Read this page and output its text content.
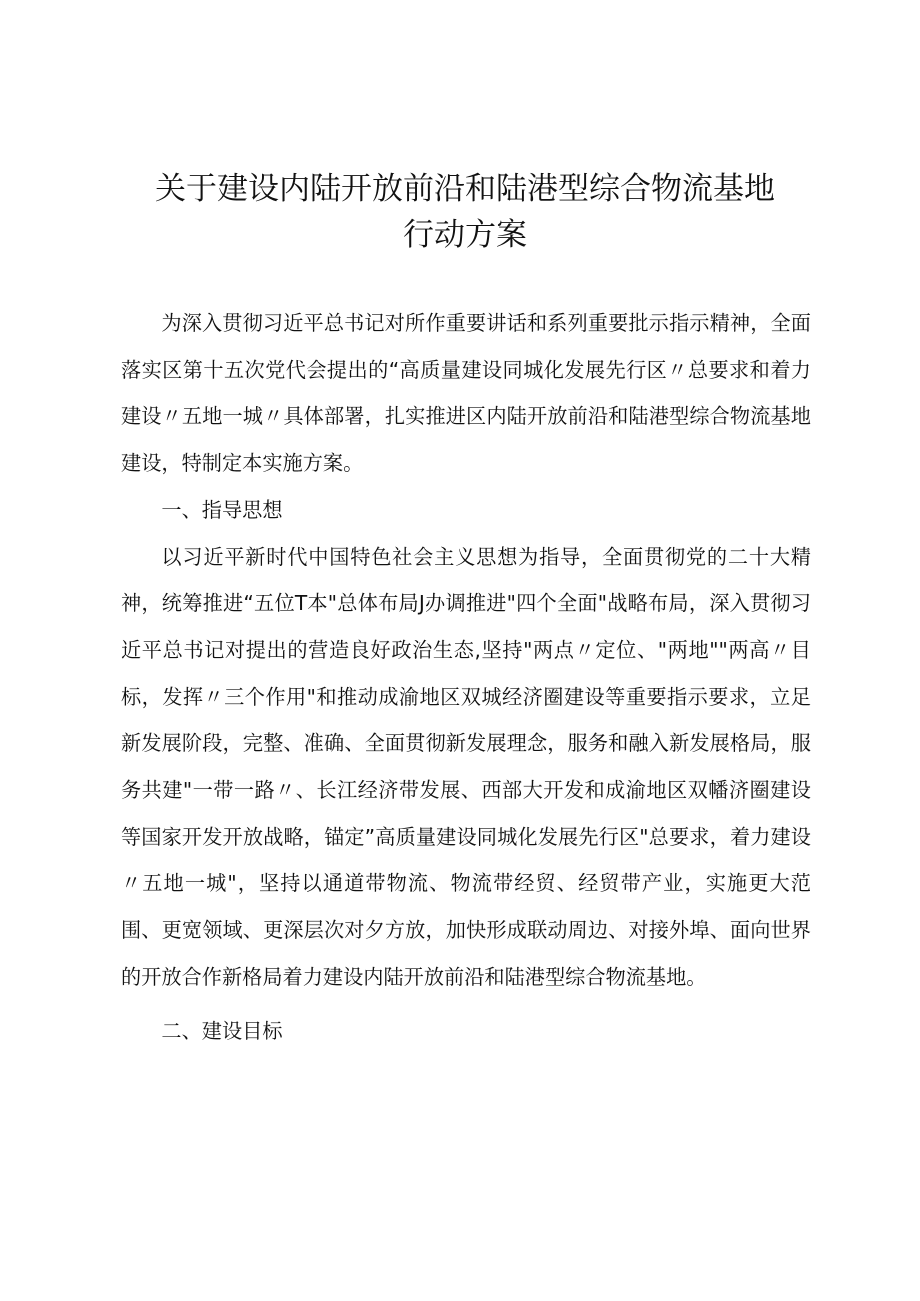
关于建设内陆开放前沿和陆港型综合物流基地
行动方案

为深入贯彻习近平总书记对所作重要讲话和系列重要批示指示精神，全面落实区第十五次党代会提出的“高质量建设同城化发展先行区〃总要求和着力建设〃五地一城〃具体部署，扎实推进区内陆开放前沿和陆港型综合物流基地建设，特制定本实施方案。

一、指导思想

以习近平新时代中国特色社会主义思想为指导，全面贯彻党的二十大精神，统筹推进“五位T本"总体布局J办调推进"四个全面"战略布局，深入贯彻习近平总书记对提出的营造良好政治生态,坚持"两点〃定位、"两地""两高〃目标，发挥〃三个作用"和推动成渝地区双城经济圈建设等重要指示要求，立足新发展阶段，完整、准确、全面贯彻新发展理念，服务和融入新发展格局，服务共建"一带一路〃、长江经济带发展、西部大开发和成渝地区双幡济圈建设等国家开发开放战略，锚定”高质量建设同城化发展先行区"总要求，着力建设〃五地一城"，坚持以通道带物流、物流带经贸、经贸带产业，实施更大范围、更宽领域、更深层次对夕方放，加快形成联动周边、对接外埠、面向世界的开放合作新格局着力建设内陆开放前沿和陆港型综合物流基地。

二、建设目标
